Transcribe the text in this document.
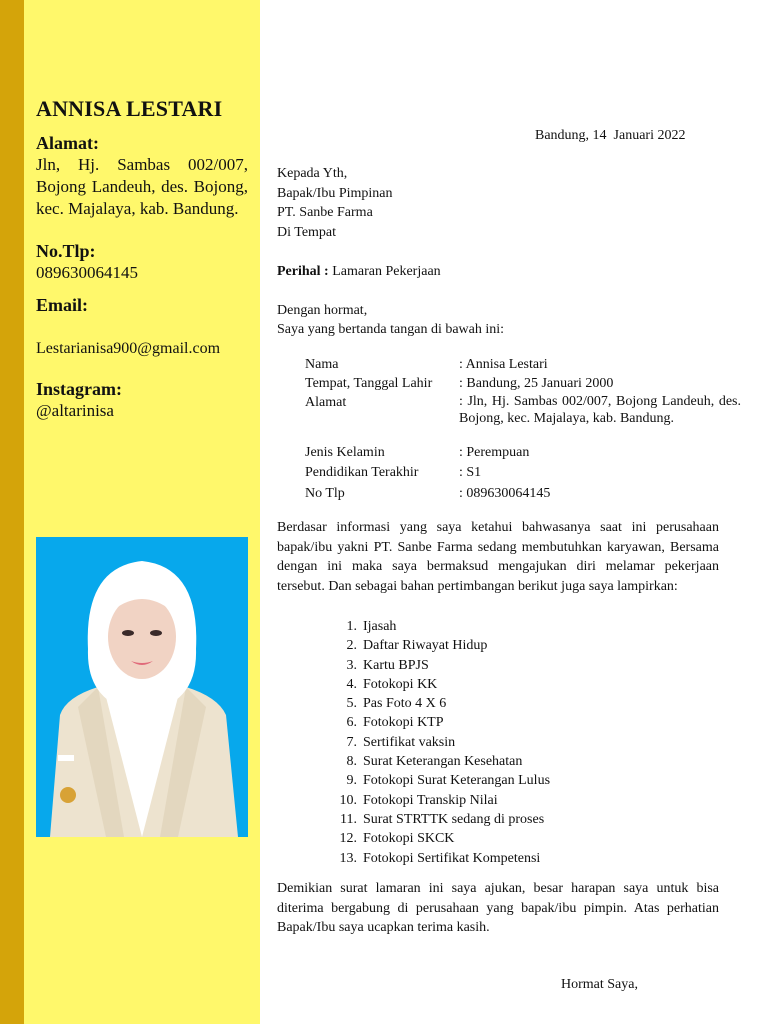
ANNISA LESTARI
Alamat:
Jln, Hj. Sambas 002/007, Bojong Landeuh, des. Bojong, kec. Majalaya, kab. Bandung.
No.Tlp:
089630064145
Email:
Lestarianisa900@gmail.com
Instagram:
@altarinisa
Bandung, 14  Januari 2022
Kepada Yth,
Bapak/Ibu Pimpinan
PT. Sanbe Farma
Di Tempat
Perihal : Lamaran Pekerjaan
Dengan hormat,
Saya yang bertanda tangan di bawah ini:
Nama	: Annisa Lestari
Tempat, Tanggal Lahir : Bandung, 25 Januari 2000
Alamat	: Jln, Hj. Sambas 002/007, Bojong Landeuh, des. Bojong, kec. Majalaya, kab. Bandung.
Jenis Kelamin	: Perempuan
Pendidikan Terakhir	: S1
No Tlp	: 089630064145
Berdasar informasi yang saya ketahui bahwasanya saat ini perusahaan bapak/ibu yakni PT. Sanbe Farma sedang membutuhkan karyawan, Bersama dengan ini maka saya bermaksud mengajukan diri melamar pekerjaan tersebut. Dan sebagai bahan pertimbangan berikut juga saya lampirkan:
1. Ijasah
2. Daftar Riwayat Hidup
3. Kartu BPJS
4. Fotokopi KK
5. Pas Foto 4 X 6
6. Fotokopi KTP
7. Sertifikat vaksin
8. Surat Keterangan Kesehatan
9. Fotokopi Surat Keterangan Lulus
10. Fotokopi Transkip Nilai
11. Surat STRTTK sedang di proses
12. Fotokopi SKCK
13. Fotokopi Sertifikat Kompetensi
Demikian surat lamaran ini saya ajukan, besar harapan saya untuk bisa diterima bergabung di perusahaan yang bapak/ibu pimpin. Atas perhatian Bapak/Ibu saya ucapkan terima kasih.
Hormat Saya,
